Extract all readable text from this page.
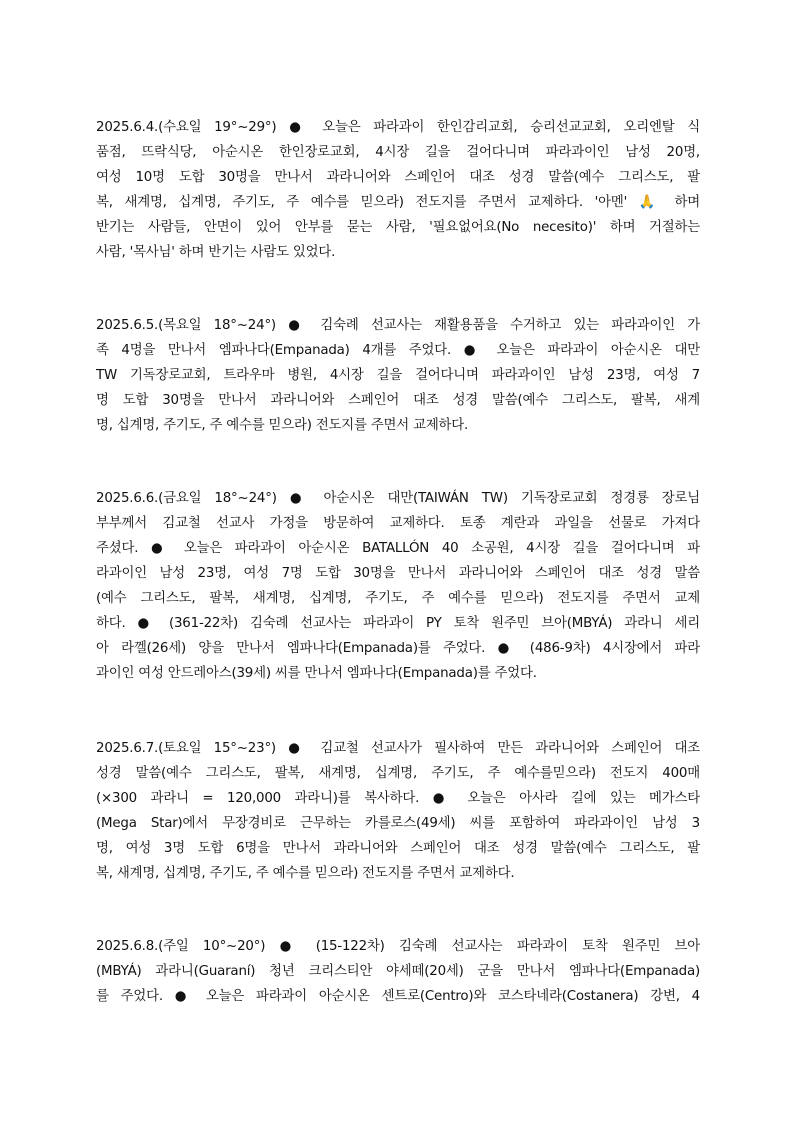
2025.6.4.(수요일 19°~29°) ● 오늘은 파라과이 한인감리교회, 승리선교교회, 오리엔탈 식
품점, 뜨락식당, 아순시온 한인장로교회, 4시장 길을 걸어다니며 파라과이인 남성 20명,
여성 10명 도합 30명을 만나서 과라니어와 스페인어 대조 성경 말씀(예수 그리스도, 팔
복, 새계명, 십계명, 주기도, 주 예수를 믿으라) 전도지를 주면서 교제하다. '아멘' 🙏 하며
반기는 사람들, 안면이 있어 안부를 묻는 사람, '필요없어요(No necesito)' 하며 거절하는
사람, '목사님' 하며 반기는 사람도 있었다.
2025.6.5.(목요일 18°~24°) ● 김숙례 선교사는 재활용품을 수거하고 있는 파라과이인 가
족 4명을 만나서 엠파나다(Empanada) 4개를 주었다. ● 오늘은 파라과이 아순시온 대만
TW 기독장로교회, 트라우마 병원, 4시장 길을 걸어다니며 파라과이인 남성 23명, 여성 7
명 도합 30명을 만나서 과라니어와 스페인어 대조 성경 말씀(예수 그리스도, 팔복, 새계
명, 십계명, 주기도, 주 예수를 믿으라) 전도지를 주면서 교제하다.
2025.6.6.(금요일 18°~24°) ● 아순시온 대만(TAIWÁN TW) 기독장로교회 정경룡 장로님
부부께서 김교철 선교사 가정을 방문하여 교제하다. 토종 계란과 과일을 선물로 가져다
주셨다. ● 오늘은 파라과이 아순시온 BATALLÓN 40 소공원, 4시장 길을 걸어다니며 파
라과이인 남성 23명, 여성 7명 도합 30명을 만나서 과라니어와 스페인어 대조 성경 말씀
(예수 그리스도, 팔복, 새계명, 십계명, 주기도, 주 예수를 믿으라) 전도지를 주면서 교제
하다. ● (361-22차) 김숙례 선교사는 파라과이 PY 토착 원주민 브아(MBYÁ) 과라니 세리
아 라껠(26세) 양을 만나서 엠파나다(Empanada)를 주었다. ● (486-9차) 4시장에서 파라
과이인 여성 안드레아스(39세) 씨를 만나서 엠파나다(Empanada)를 주었다.
2025.6.7.(토요일 15°~23°) ● 김교철 선교사가 필사하여 만든 과라니어와 스페인어 대조
성경 말씀(예수 그리스도, 팔복, 새계명, 십계명, 주기도, 주 예수를믿으라) 전도지 400매
(×300 과라니 = 120,000 과라니)를 복사하다. ● 오늘은 아사라 길에 있는 메가스타
(Mega Star)에서 무장경비로 근무하는 카를로스(49세) 씨를 포함하여 파라과이인 남성 3
명, 여성 3명 도합 6명을 만나서 과라니어와 스페인어 대조 성경 말씀(예수 그리스도, 팔
복, 새계명, 십계명, 주기도, 주 예수를 믿으라) 전도지를 주면서 교제하다.
2025.6.8.(주일 10°~20°) ● (15-122차) 김숙례 선교사는 파라과이 토착 원주민 브아
(MBYÁ) 과라니(Guaraní) 청년 크리스티안 야세떼(20세) 군을 만나서 엠파나다(Empanada)
를 주었다. ● 오늘은 파라과이 아순시온 센트로(Centro)와 코스타네라(Costanera) 강변, 4
